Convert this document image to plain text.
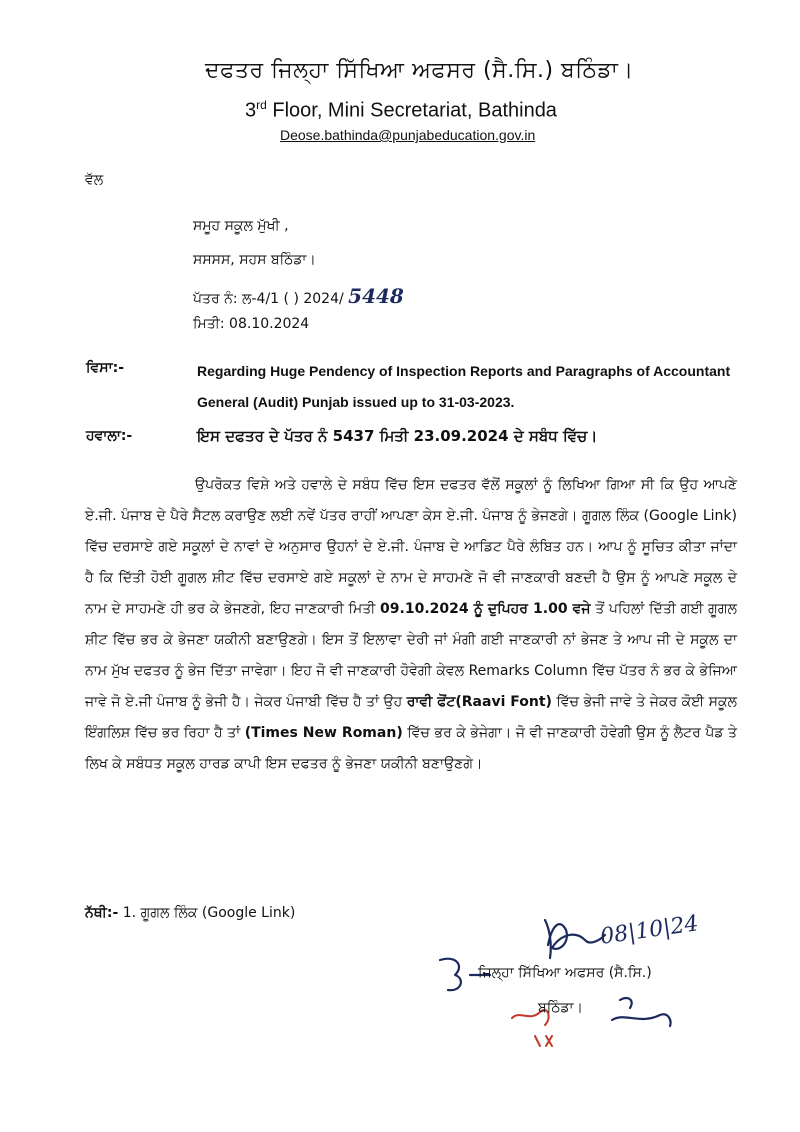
ਦਫਤਰ ਜਿਲ੍ਹਾ ਸਿੱਖਿਆ ਅਫਸਰ (ਸੈ.ਸਿ.) ਬਠਿੰਡਾ।
3rd Floor, Mini Secretariat, Bathinda
Deose.bathinda@punjabeducation.gov.in
ਵੱਲ
ਸਮੂਹ ਸਕੂਲ ਮੁੱਖੀ ,
ਸਸਸਸ, ਸਹਸ ਬਠਿੰਡਾ।
ਪੱਤਰ ਨੰ: ਲ-4/1 ( ) 2024/ 5448
ਮਿਤੀ: 08.10.2024
ਵਿਸਾ:-	Regarding Huge Pendency of Inspection Reports and Paragraphs of Accountant General (Audit) Punjab issued up to 31-03-2023.
ਹਵਾਲਾ:-	ਇਸ ਦਫਤਰ ਦੇ ਪੱਤਰ ਨੰ 5437 ਮਿਤੀ 23.09.2024 ਦੇ ਸਬੰਧ ਵਿੱਚ।
ਉਪਰੋਕਤ ਵਿਸ਼ੇ ਅਤੇ ਹਵਾਲੇ ਦੇ ਸਬੰਧ ਵਿੱਚ ਇਸ ਦਫਤਰ ਵੱਲੋਂ ਸਕੂਲਾਂ ਨੂੰ ਲਿਖਿਆ ਗਿਆ ਸੀ ਕਿ ਉਹ ਆਪਣੇ ਏ.ਜੀ. ਪੰਜਾਬ ਦੇ ਪੈਰੇ ਸੈਟਲ ਕਰਾਉਣ ਲਈ ਨਵੇਂ ਪੱਤਰ ਰਾਹੀਂ ਆਪਣਾ ਕੇਸ ਏ.ਜੀ. ਪੰਜਾਬ ਨੂੰ ਭੇਜਣਗੇ। ਗੂਗਲ ਲਿੰਕ (Google Link) ਵਿੱਚ ਦਰਸਾਏ ਗਏ ਸਕੂਲਾਂ ਦੇ ਨਾਵਾਂ ਦੇ ਅਨੁਸਾਰ ਉਹਨਾਂ ਦੇ ਏ.ਜੀ. ਪੰਜਾਬ ਦੇ ਆਡਿਟ ਪੈਰੇ ਲੰਬਿਤ ਹਨ। ਆਪ ਨੂੰ ਸੂਚਿਤ ਕੀਤਾ ਜਾਂਦਾ ਹੈ ਕਿ ਦਿੱਤੀ ਹੋਈ ਗੂਗਲ ਸ਼ੀਟ ਵਿੱਚ ਦਰਸਾਏ ਗਏ ਸਕੂਲਾਂ ਦੇ ਨਾਮ ਦੇ ਸਾਹਮਣੇ ਜੋ ਵੀ ਜਾਣਕਾਰੀ ਬਣਦੀ ਹੈ ਉਸ ਨੂੰ ਆਪਣੇ ਸਕੂਲ ਦੇ ਨਾਮ ਦੇ ਸਾਹਮਣੇ ਹੀ ਭਰ ਕੇ ਭੇਜਣਗੇ, ਇਹ ਜਾਣਕਾਰੀ ਮਿਤੀ 09.10.2024 ਨੂੰ ਦੁਪਿਹਰ 1.00 ਵਜੇ ਤੋਂ ਪਹਿਲਾਂ ਦਿੱਤੀ ਗਈ ਗੂਗਲ ਸ਼ੀਟ ਵਿੱਚ ਭਰ ਕੇ ਭੇਜਣਾ ਯਕੀਨੀ ਬਣਾਉਣਗੇ। ਇਸ ਤੋਂ ਇਲਾਵਾ ਦੇਰੀ ਜਾਂ ਮੰਗੀ ਗਈ ਜਾਣਕਾਰੀ ਨਾਂ ਭੇਜਣ ਤੇ ਆਪ ਜੀ ਦੇ ਸਕੂਲ ਦਾ ਨਾਮ ਮੁੱਖ ਦਫਤਰ ਨੂੰ ਭੇਜ ਦਿੱਤਾ ਜਾਵੇਗਾ। ਇਹ ਜੋ ਵੀ ਜਾਣਕਾਰੀ ਹੋਵੇਗੀ ਕੇਵਲ Remarks Column ਵਿੱਚ ਪੱਤਰ ਨੰ ਭਰ ਕੇ ਭੇਜਿਆ ਜਾਵੇ ਜੋ ਏ.ਜੀ ਪੰਜਾਬ ਨੂੰ ਭੇਜੀ ਹੈ। ਜੇਕਰ ਪੰਜਾਬੀ ਵਿੱਚ ਹੈ ਤਾਂ ਉਹ ਰਾਵੀ ਫੋਂਟ(Raavi Font) ਵਿੱਚ ਭੇਜੀ ਜਾਵੇ ਤੇ ਜੇਕਰ ਕੋਈ ਸਕੂਲ ਇੰਗਲਿਸ਼ ਵਿੱਚ ਭਰ ਰਿਹਾ ਹੈ ਤਾਂ (Times New Roman) ਵਿੱਚ ਭਰ ਕੇ ਭੇਜੇਗਾ। ਜੋ ਵੀ ਜਾਣਕਾਰੀ ਹੋਵੇਗੀ ਉਸ ਨੂੰ ਲੈਟਰ ਪੈਡ ਤੇ ਲਿਖ ਕੇ ਸਬੰਧਤ ਸਕੂਲ ਹਾਰਡ ਕਾਪੀ ਇਸ ਦਫਤਰ ਨੂੰ ਭੇਜਣਾ ਯਕੀਨੀ ਬਣਾਉਣਗੇ।
ਨੱਥੀ:- 1. ਗੂਗਲ ਲਿੰਕ (Google Link)	08|10|24
ਜਿਲ੍ਹਾ ਸਿੱਖਿਆ ਅਫਸਰ (ਸੈ.ਸਿ.)
ਬਠਿੰਡਾ।
